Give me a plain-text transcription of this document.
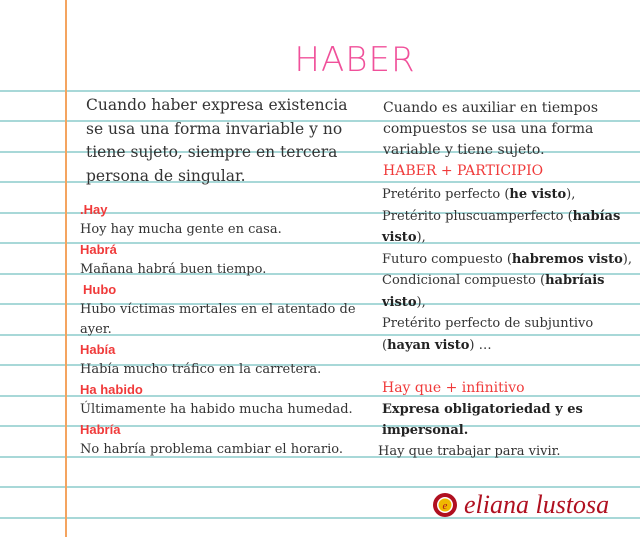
HABER
Cuando haber expresa existencia
se usa una forma invariable y no
tiene sujeto, siempre en tercera
persona de singular.
.Hay
Hoy hay mucha gente en casa.
Habrá
Mañana habrá buen tiempo.
Hubo
Hubo víctimas mortales en el atentado de
ayer.
Había
Había mucho tráfico en la carretera.
Ha habido
Últimamente ha habido mucha humedad.
Habría
No habría problema cambiar el horario.
Cuando es auxiliar en tiempos
compuestos se usa una forma
variable y tiene sujeto.
HABER + PARTICIPIO
Pretérito perfecto (he visto),
Pretérito pluscuamperfecto (habías
visto),
Futuro compuesto (habremos visto),
Condicional compuesto (habríais
visto),
Pretérito perfecto de subjuntivo
(hayan visto) …
Hay que + infinitivo
Expresa obligatoriedad y es
impersonal.
Hay que trabajar para vivir.
e eliana lustosa
